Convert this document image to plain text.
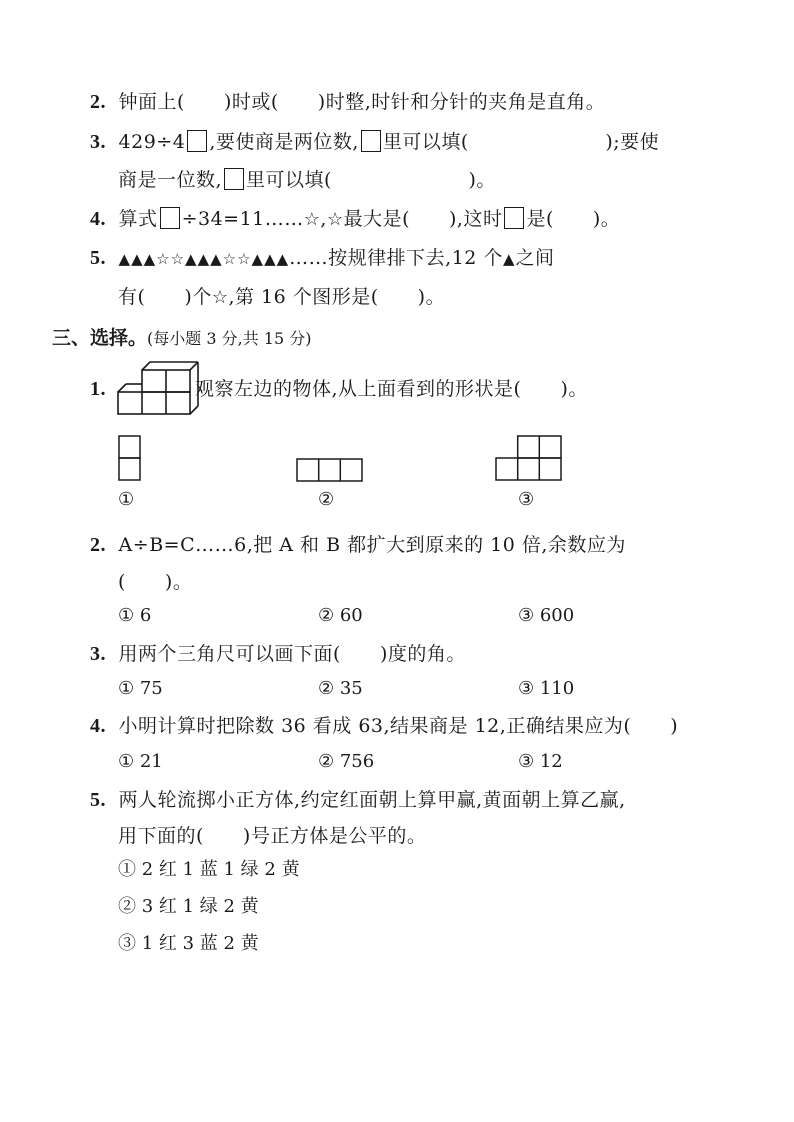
2. 钟面上(　　)时或(　　)时整,时针和分针的夹角是直角。
3. 429÷4 ,要使商是两位数, 里可以填(　　　　　　　);要使
商是一位数, 里可以填(　　　　　　　)。
4. 算式 ÷34=11……☆,☆最大是(　　),这时 是(　　)。
5. ▲▲▲☆☆▲▲▲☆☆▲▲▲……按规律排下去,12 个▲之间
有(　　)个☆,第 16 个图形是(　　)。
三、选择。(每小题 3 分,共 15 分)
1.	观察左边的物体,从上面看到的形状是(　　)。
①	②	③
2. A÷B=C……6,把 A 和 B 都扩大到原来的 10 倍,余数应为
(　　)。
① 6	② 60	③ 600
3. 用两个三角尺可以画下面(　　)度的角。
① 75	② 35	③ 110
4. 小明计算时把除数 36 看成 63,结果商是 12,正确结果应为(　　)
① 21	② 756	③ 12
5. 两人轮流掷小正方体,约定红面朝上算甲赢,黄面朝上算乙赢,
用下面的(　　)号正方体是公平的。
① 2 红 1 蓝 1 绿 2 黄
② 3 红 1 绿 2 黄
③ 1 红 3 蓝 2 黄
